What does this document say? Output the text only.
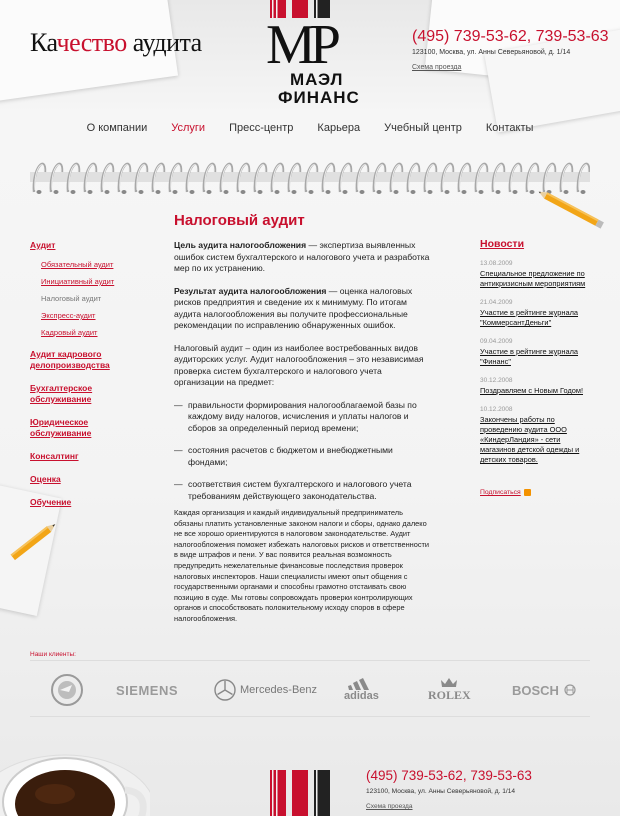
Качество аудита МР
МАЭЛ
ФИНАНС
(495) 739-53-62, 739-53-63
123100, Москва, ул. Анны Северьяновой, д. 1/14
Схема проезда
О компании	Услуги	Пресс-центр	Карьера	Учебный центр	Контакты
Налоговый аудит
Аудит
Обязательный аудит
Инициативный аудит
Налоговый аудит
Экспресс-аудит
Кадровый аудит
Аудит кадрового
делопроизводства
Бухгалтерское
обслуживание
Юридическое
обслуживание
Консалтинг
Оценка
Обучение

Цель аудита налогообложения — экспертиза выявленных ошибок систем бухгалтерского и налогового учета и разработка мер по их устранению.

Результат аудита налогообложения — оценка налоговых рисков предприятия и сведение их к минимуму. По итогам аудита налогообложения вы получите профессиональные рекомендации по исправлению обнаруженных ошибок.

Налоговый аудит – один из наиболее востребованных видов аудиторских услуг. Аудит налогообложения – это независимая проверка систем бухгалтерского и налогового учета организации на предмет:

— правильности формирования налогооблагаемой базы по каждому виду налогов, исчисления и уплаты налогов и сборов за определенный период времени;
— состояния расчетов с бюджетом и внебюджетными фондами;
— соответствия систем бухгалтерского и налогового учета требованиям действующего законодательства.
Каждая организация и каждый индивидуальный предприниматель обязаны платить установленные законом налоги и сборы, однако далеко не все хорошо ориентируются в налоговом законодательстве. Аудит налогообложения поможет избежать налоговых рисков и ответственности в виде штрафов и пени. У вас появится реальная возможность предупредить нежелательные финансовые последствия проверок налоговых инспекторов. Наши специалисты имеют опыт общения с государственными органами и способны грамотно отстаивать свою позицию в суде. Мы готовы сопровождать проверки контролирующих органов и способствовать положительному исходу споров в сфере налогообложения.
Новости
13.08.2009
Специальное предложение по антикризисным мероприятиям
21.04.2009
Участие в рейтинге журнала "КоммерсантДеньги"
09.04.2009
Участие в рейтинге журнала "Финанс"
30.12.2008
Поздравляем с Новым Годом!
10.12.2008
Закончены работы по проведению аудита ООО «КиндерЛандия» - сети магазинов детской одежды и детских товаров.
Подписаться
Наши клиенты:
SIEMENS	Mercedes-Benz adidas	ROLEX	BOSCH
(495) 739-53-62, 739-53-63
123100, Москва, ул. Анны Северьяновой, д. 1/14
Схема проезда
